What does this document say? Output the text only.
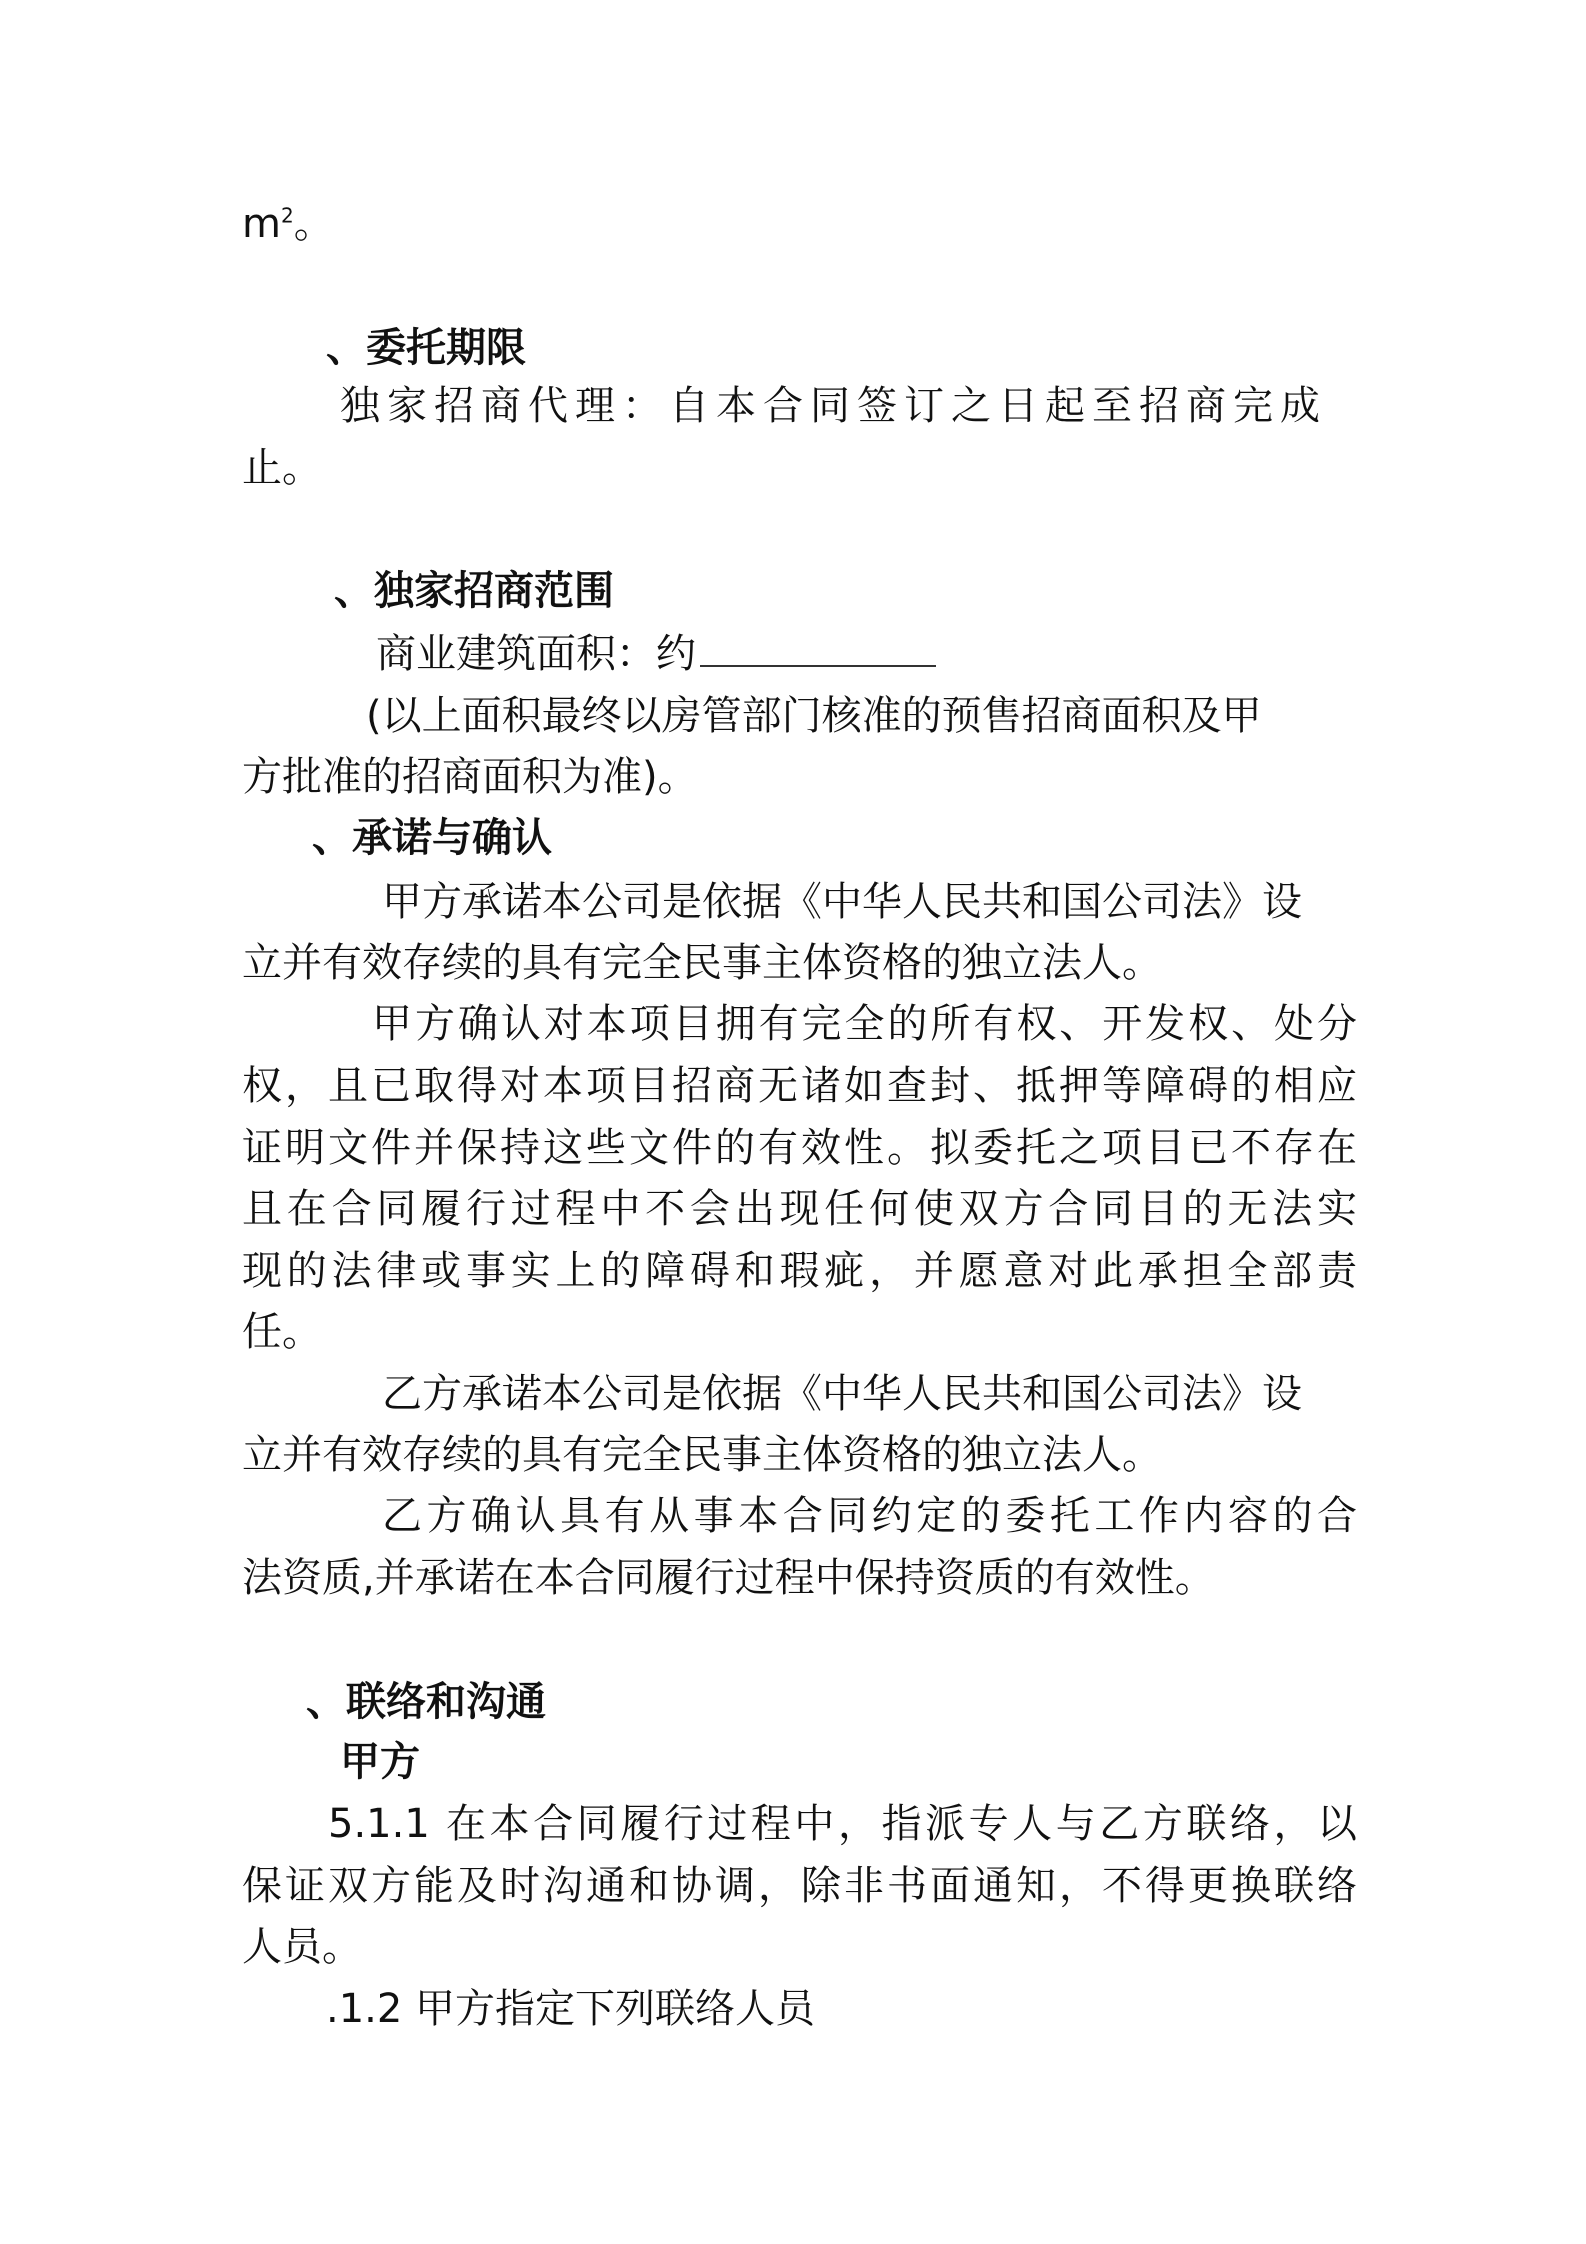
$m^2$。

、委托期限

独家招商代理：自本合同签订之日起至招商完成

止。

、独家招商范围

商业建筑面积：约

(以上面积最终以房管部门核准的预售招商面积及甲

方批准的招商面积为准)。

、承诺与确认

甲方承诺本公司是依据《中华人民共和国公司法》设

立并有效存续的具有完全民事主体资格的独立法人。

甲方确认对本项目拥有完全的所有权、开发权、处分

权，且已取得对本项目招商无诸如查封、抵押等障碍的相应

证明文件并保持这些文件的有效性。拟委托之项目已不存在

且在合同履行过程中不会出现任何使双方合同目的无法实

现的法律或事实上的障碍和瑕疵，并愿意对此承担全部责

任。

乙方承诺本公司是依据《中华人民共和国公司法》设

立并有效存续的具有完全民事主体资格的独立法人。

乙方确认具有从事本合同约定的委托工作内容的合

法资质,并承诺在本合同履行过程中保持资质的有效性。

、联络和沟通

甲方

5.1.1 在本合同履行过程中，指派专人与乙方联络，以

保证双方能及时沟通和协调，除非书面通知，不得更换联络

人员。

.1.2 甲方指定下列联络人员
